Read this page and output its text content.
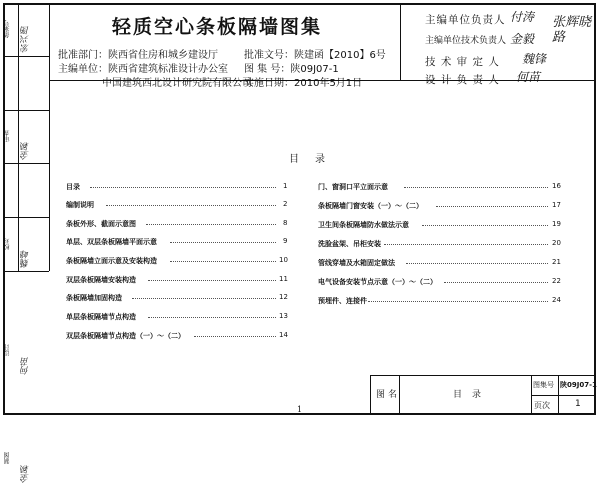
备案号	宏兴图
审查
金颖
校对
魏峰
设计
何苗
制图
金颖
轻质空心条板隔墙图集
批准部门：陕西省住房和城乡建设厅	批准文号：陕建函【2010】6号
主编单位：陕西省建筑标准设计办公室 图 集 号：陕09J07-1
中国建筑西北设计研究院有限公司
实施日期：2010年5月1日
主编单位负责人 付涛
主编单位技术负责人 金毅
技 术 审 定 人 魏锋
设 计 负 责 人 何苗
张辉晓路
目录
目录	1
编制说明	2
条板外形、截面示意图	8
单层、双层条板隔墙平面示意	9
条板隔墙立面示意及安装构造	10
双层条板隔墙安装构造	11
条板隔墙加固构造	12
单层条板隔墙节点构造	13
双层条板隔墙节点构造（一）～（二）	14
门、窗洞口平立面示意	16
条板隔墙门窗安装（一）～（二）	17
卫生间条板隔墙防水做法示意	19
洗脸盆架、吊柜安装	20
管线穿墙及水箱固定做法	21
电气设备安装节点示意（一）～（二）	22
预埋件、连接件	24
图名	目录
图集号 陕09J07-1
页次	1
1
